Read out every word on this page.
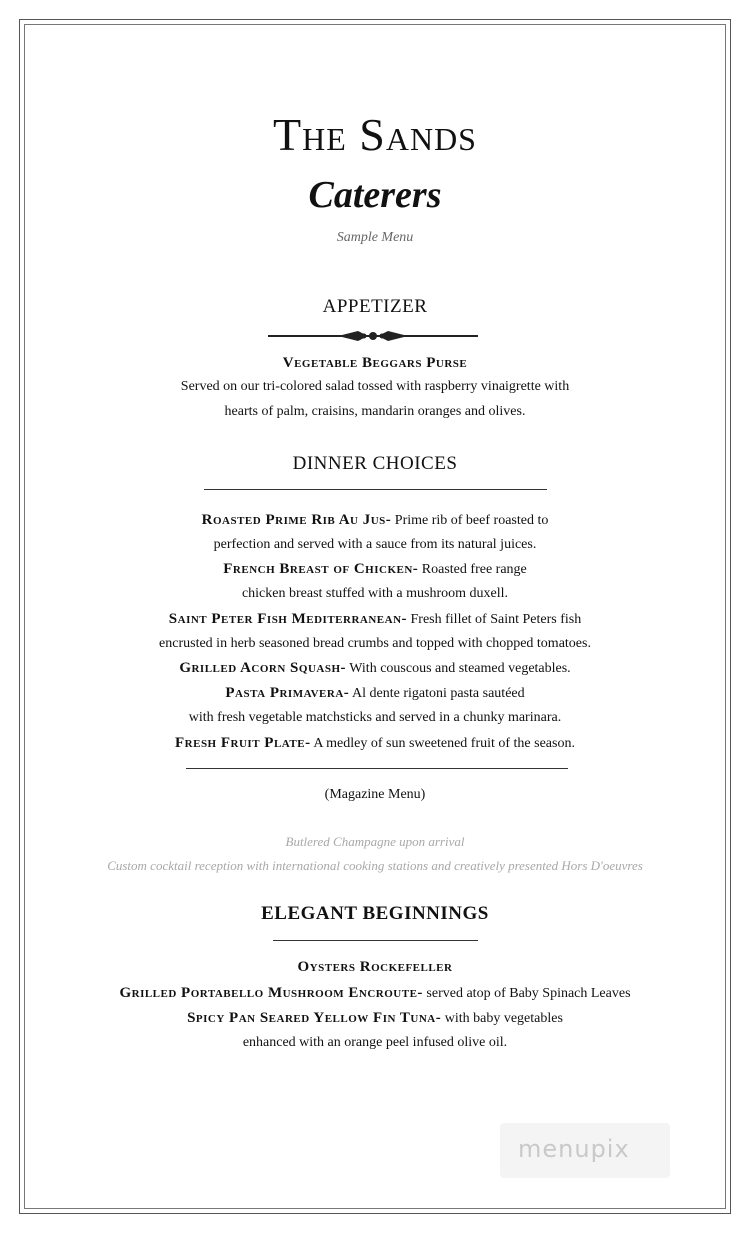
The Sands
Caterers
Sample Menu
APPETIZER
Vegetable Beggars Purse
Served on our tri-colored salad tossed with raspberry vinaigrette with
hearts of palm, craisins, mandarin oranges and olives.
DINNER CHOICES
Roasted Prime Rib Au Jus- Prime rib of beef roasted to
perfection and served with a sauce from its natural juices.
French Breast of Chicken- Roasted free range
chicken breast stuffed with a mushroom duxell.
Saint Peter Fish Mediterranean- Fresh fillet of Saint Peters fish
encrusted in herb seasoned bread crumbs and topped with chopped tomatoes.
Grilled Acorn Squash- With couscous and steamed vegetables.
Pasta Primavera- Al dente rigatoni pasta sautéed
with fresh vegetable matchsticks and served in a chunky marinara.
Fresh Fruit Plate- A medley of sun sweetened fruit of the season.
(Magazine Menu)
Butlered Champagne upon arrival
Custom cocktail reception with international cooking stations and creatively presented Hors D'oeuvres
ELEGANT BEGINNINGS
Oysters Rockefeller
Grilled Portabello Mushroom Encroute- served atop of Baby Spinach Leaves
Spicy Pan Seared Yellow Fin Tuna- with baby vegetables
enhanced with an orange peel infused olive oil.
menupix
